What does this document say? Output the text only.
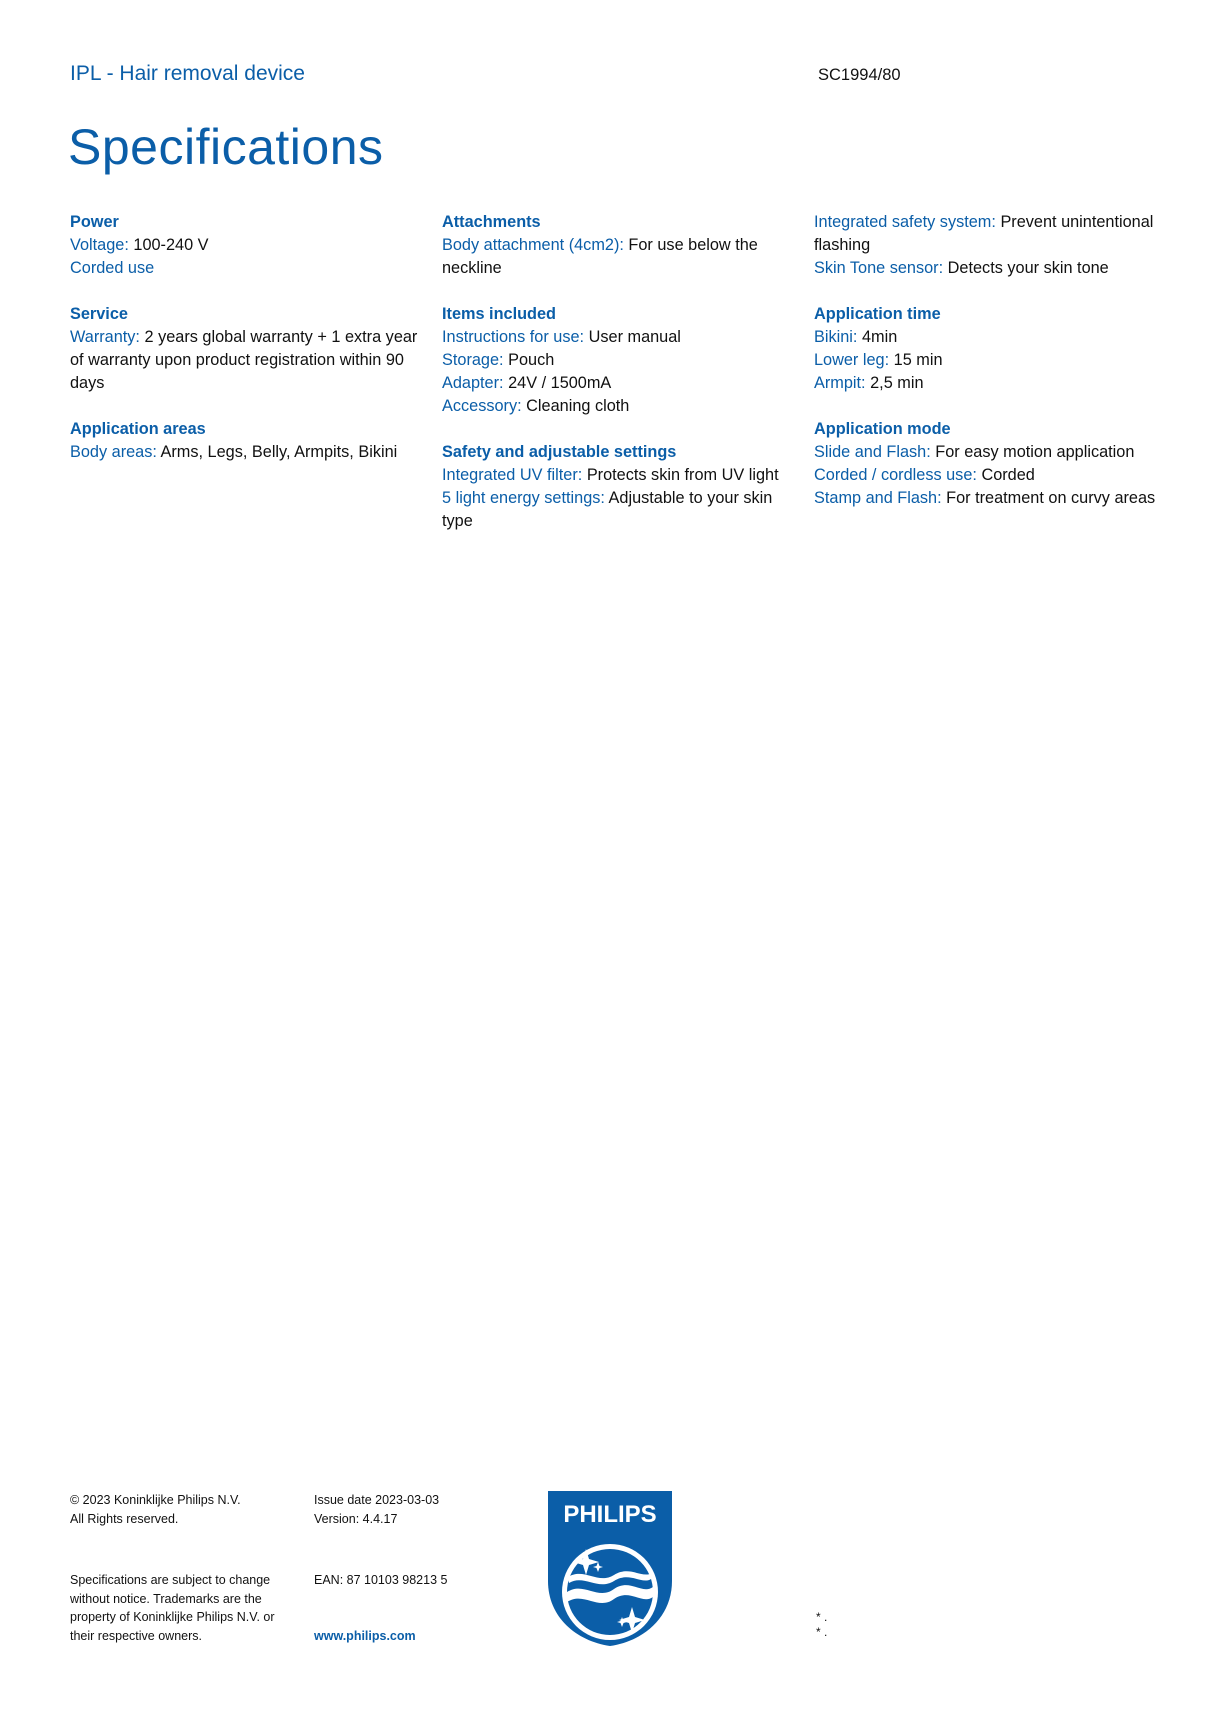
IPL - Hair removal device	SC1994/80
Specifications
Power
Voltage: 100-240 V
Corded use
Service
Warranty: 2 years global warranty + 1 extra year of warranty upon product registration within 90 days
Application areas
Body areas: Arms, Legs, Belly, Armpits, Bikini
Attachments
Body attachment (4cm2): For use below the neckline
Items included
Instructions for use: User manual
Storage: Pouch
Adapter: 24V / 1500mA
Accessory: Cleaning cloth
Safety and adjustable settings
Integrated UV filter: Protects skin from UV light
5 light energy settings: Adjustable to your skin type
Integrated safety system: Prevent unintentional flashing
Skin Tone sensor: Detects your skin tone
Application time
Bikini: 4min
Lower leg: 15 min
Armpit: 2,5 min
Application mode
Slide and Flash: For easy motion application
Corded / cordless use: Corded
Stamp and Flash: For treatment on curvy areas
© 2023 Koninklijke Philips N.V.
All Rights reserved.
Issue date 2023-03-03
Version: 4.4.17
Specifications are subject to change without notice. Trademarks are the property of Koninklijke Philips N.V. or their respective owners.
EAN: 87 10103 98213 5
www.philips.com
PHILIPS
* .
* .
